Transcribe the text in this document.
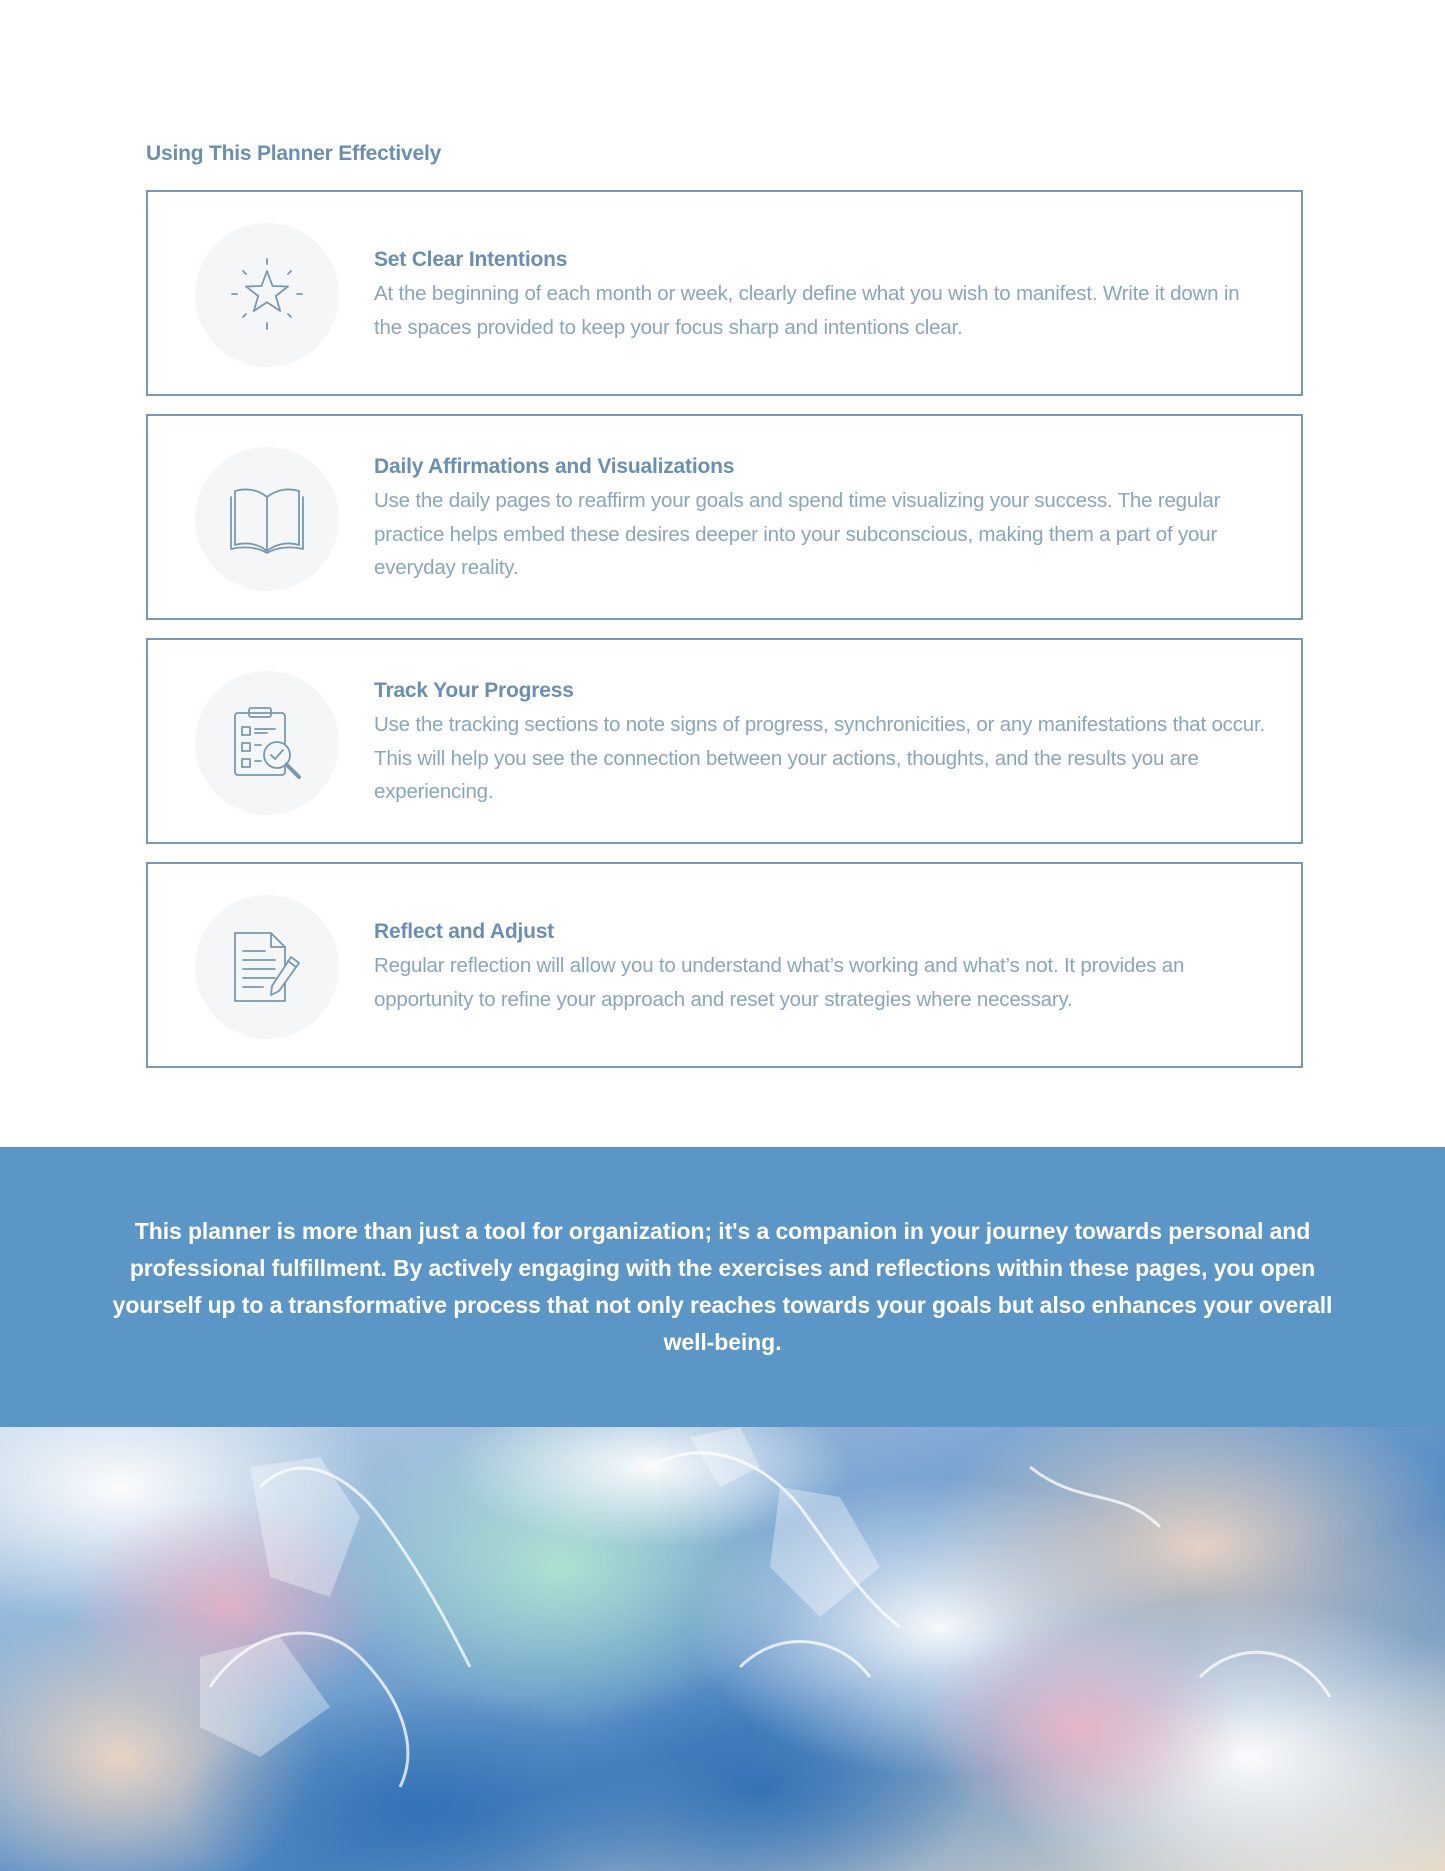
Using This Planner Effectively

Set Clear Intentions

At the beginning of each month or week, clearly define what you wish to manifest. Write it down in the spaces provided to keep your focus sharp and intentions clear.

Daily Affirmations and Visualizations

Use the daily pages to reaffirm your goals and spend time visualizing your success. The regular practice helps embed these desires deeper into your subconscious, making them a part of your everyday reality.

Track Your Progress

Use the tracking sections to note signs of progress, synchronicities, or any manifestations that occur. This will help you see the connection between your actions, thoughts, and the results you are experiencing.

Reflect and Adjust

Regular reflection will allow you to understand what’s working and what’s not. It provides an opportunity to refine your approach and reset your strategies where necessary.

This planner is more than just a tool for organization; it's a companion in your journey towards personal and professional fulfillment. By actively engaging with the exercises and reflections within these pages, you open yourself up to a transformative process that not only reaches towards your goals but also enhances your overall well-being.
